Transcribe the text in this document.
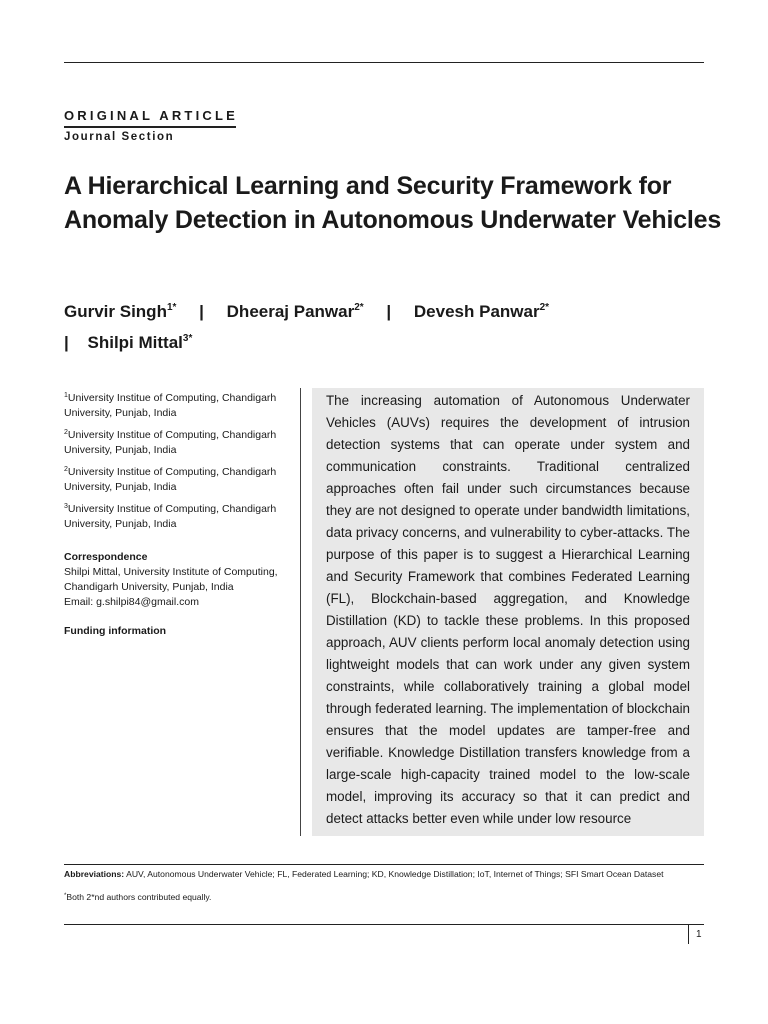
ORIGINAL ARTICLE
Journal Section
A Hierarchical Learning and Security Framework for Anomaly Detection in Autonomous Underwater Vehicles
Gurvir Singh$^{1*}$ | Dheeraj Panwar$^{2*}$ | Devesh Panwar$^{2*}$
| Shilpi Mittal$^{3*}$
$^1$University Institue of Computing, Chandigarh University, Punjab, India
$^2$University Institue of Computing, Chandigarh University, Punjab, India
$^2$University Institue of Computing, Chandigarh University, Punjab, India
$^3$University Institue of Computing, Chandigarh University, Punjab, India
Correspondence
Shilpi Mittal, University Institute of Computing, Chandigarh University, Punjab, India
Email: g.shilpi84@gmail.com
Funding information
The increasing automation of Autonomous Underwater Vehicles (AUVs) requires the development of intrusion detection systems that can operate under system and communication constraints. Traditional centralized approaches often fail under such circumstances because they are not designed to operate under bandwidth limitations, data privacy concerns, and vulnerability to cyber-attacks. The purpose of this paper is to suggest a Hierarchical Learning and Security Framework that combines Federated Learning (FL), Blockchain-based aggregation, and Knowledge Distillation (KD) to tackle these problems. In this proposed approach, AUV clients perform local anomaly detection using lightweight models that can work under any given system constraints, while collaboratively training a global model through federated learning. The implementation of blockchain ensures that the model updates are tamper-free and verifiable. Knowledge Distillation transfers knowledge from a large-scale high-capacity trained model to the low-scale model, improving its accuracy so that it can predict and detect attacks better even while under low resource
Abbreviations: AUV, Autonomous Underwater Vehicle; FL, Federated Learning; KD, Knowledge Distillation; IoT, Internet of Things; SFI Smart Ocean Dataset
*Both 2*nd authors contributed equally.
1
